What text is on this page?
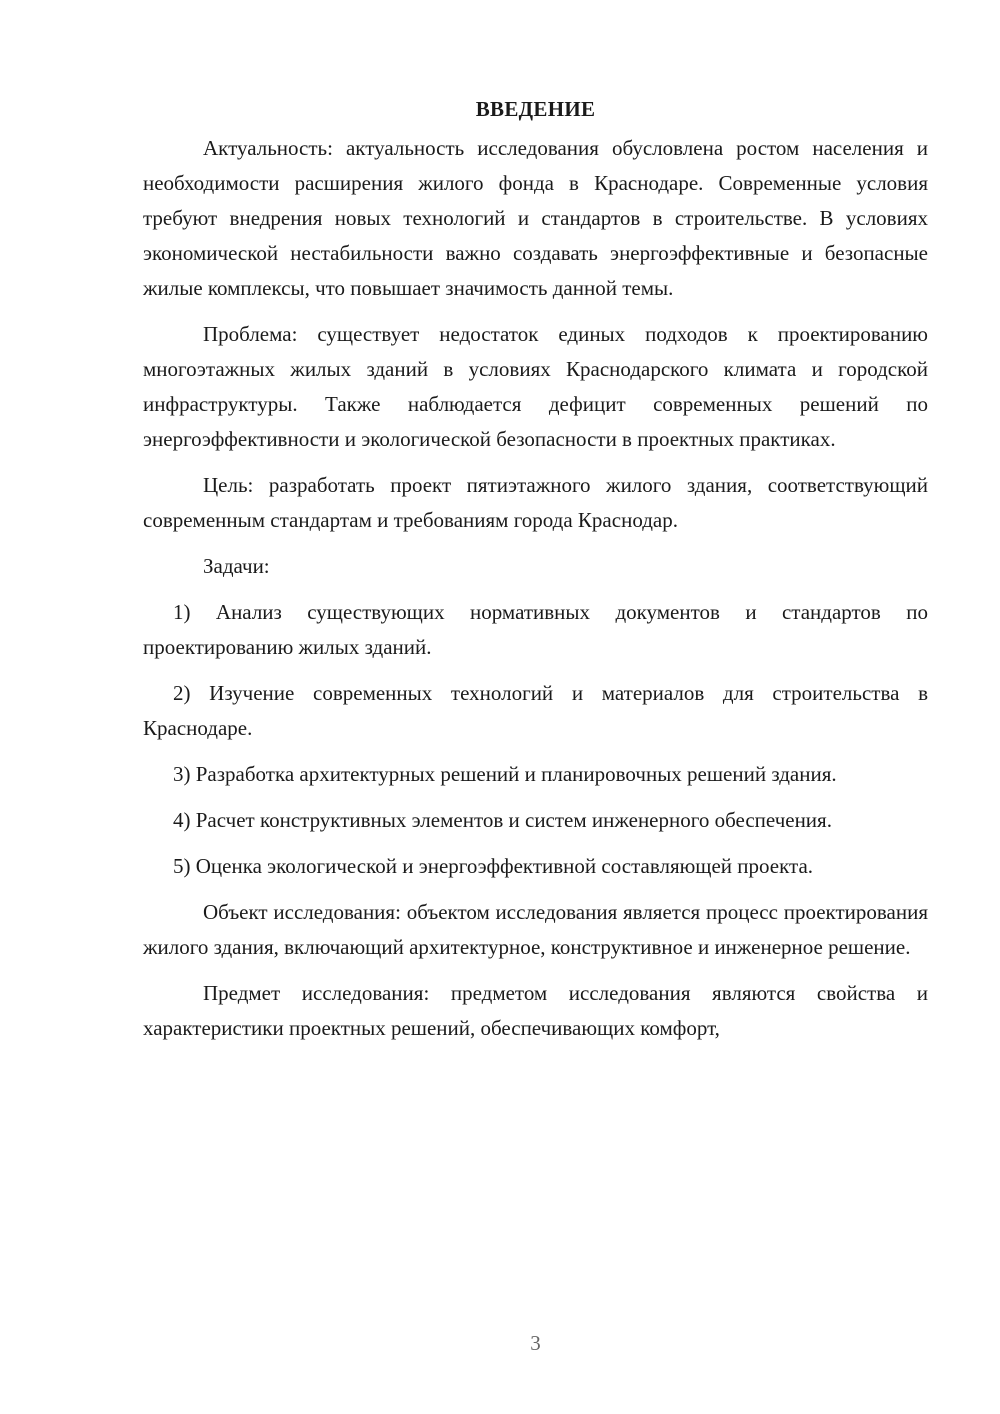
ВВЕДЕНИЕ

Актуальность: актуальность исследования обусловлена ростом населения и необходимости расширения жилого фонда в Краснодаре. Современные условия требуют внедрения новых технологий и стандартов в строительстве. В условиях экономической нестабильности важно создавать энергоэффективные и безопасные жилые комплексы, что повышает значимость данной темы.

Проблема: существует недостаток единых подходов к проектированию многоэтажных жилых зданий в условиях Краснодарского климата и городской инфраструктуры. Также наблюдается дефицит современных решений по энергоэффективности и экологической безопасности в проектных практиках.

Цель: разработать проект пятиэтажного жилого здания, соответствующий современным стандартам и требованиям города Краснодар.

Задачи:

1) Анализ существующих нормативных документов и стандартов по проектированию жилых зданий.

2) Изучение современных технологий и материалов для строительства в Краснодаре.

3) Разработка архитектурных решений и планировочных решений здания.

4) Расчет конструктивных элементов и систем инженерного обеспечения.

5) Оценка экологической и энергоэффективной составляющей проекта.

Объект исследования: объектом исследования является процесс проектирования жилого здания, включающий архитектурное, конструктивное и инженерное решение.

Предмет исследования: предметом исследования являются свойства и характеристики проектных решений, обеспечивающих комфорт,

3
